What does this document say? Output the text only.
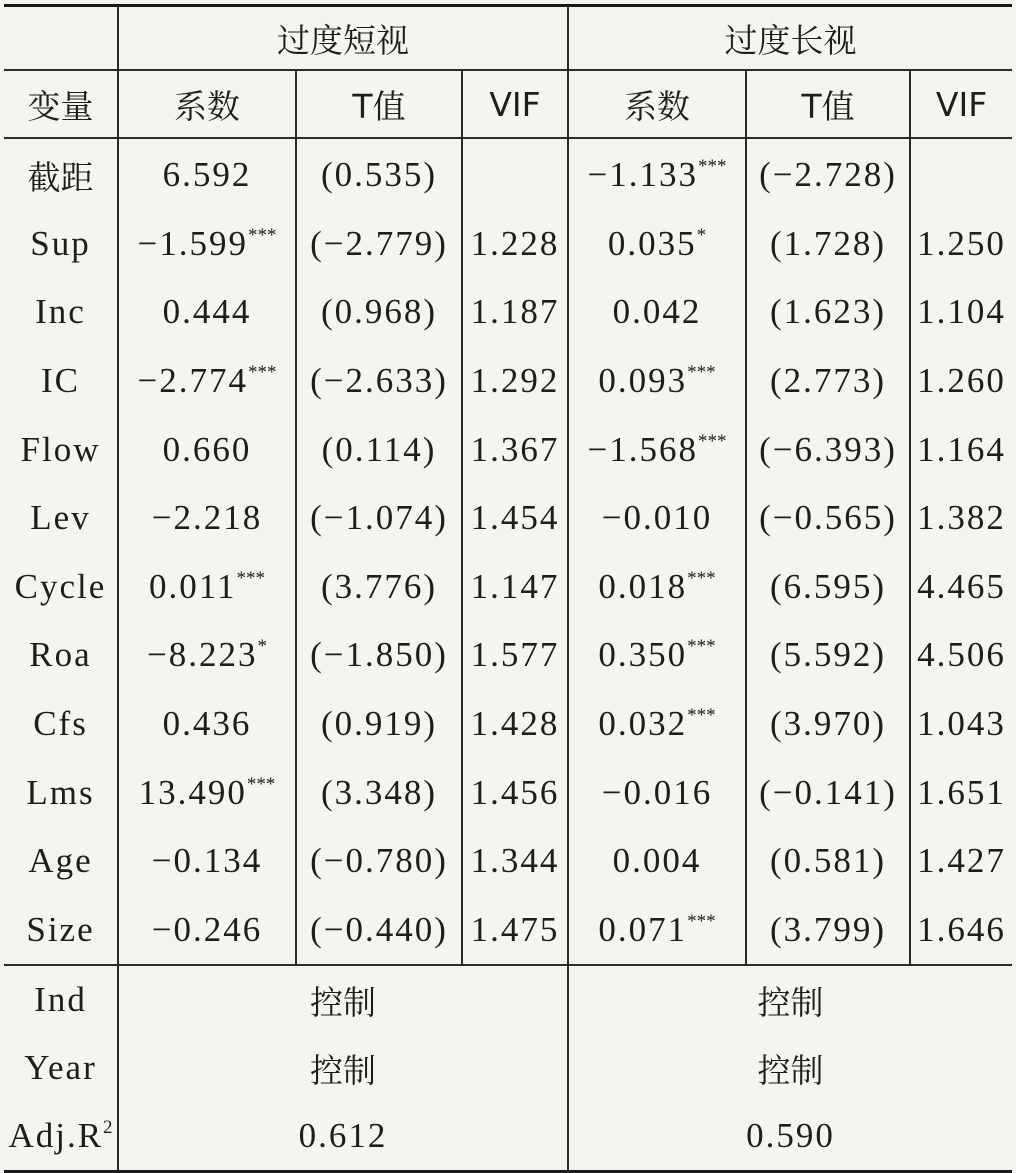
	过度短视			过度长视		
变量	系数	T值	VIF	系数	T值	VIF
截距	6.592	(0.535)		−1.133***	(−2.728)	
Sup	−1.599***	(−2.779)	1.228	0.035*	(1.728)	1.250
Inc	0.444	(0.968)	1.187	0.042	(1.623)	1.104
IC	−2.774***	(−2.633)	1.292	0.093***	(2.773)	1.260
Flow	0.660	(0.114)	1.367	−1.568***	(−6.393)	1.164
Lev	−2.218	(−1.074)	1.454	−0.010	(−0.565)	1.382
Cycle	0.011***	(3.776)	1.147	0.018***	(6.595)	4.465
Roa	−8.223*	(−1.850)	1.577	0.350***	(5.592)	4.506
Cfs	0.436	(0.919)	1.428	0.032***	(3.970)	1.043
Lms	13.490***	(3.348)	1.456	−0.016	(−0.141)	1.651
Age	−0.134	(−0.780)	1.344	0.004	(0.581)	1.427
Size	−0.246	(−0.440)	1.475	0.071***	(3.799)	1.646
Ind	控制			控制		
Year	控制			控制		
$Adj.R^2$	0.612			0.590		
